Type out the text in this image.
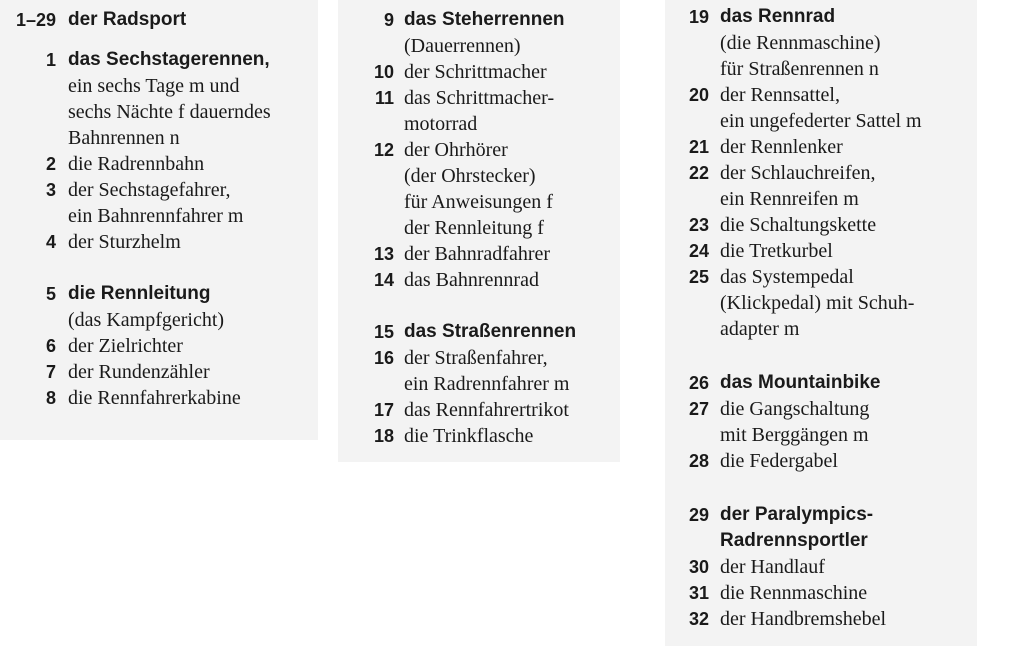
1–29 der Radsport
1 das Sechstagerennen,
ein sechs Tage m und
sechs Nächte f dauerndes
Bahnrennen n
2 die Radrennbahn
3 der Sechstagefahrer,
ein Bahnrennfahrer m
4 der Sturzhelm
5 die Rennleitung
(das Kampfgericht)
6 der Zielrichter
7 der Rundenzähler
8 die Rennfahrerkabine
9 das Steherrennen
(Dauerrennen)
10 der Schrittmacher
11 das Schrittmacher-
motorrad
12 der Ohrhörer
(der Ohrstecker)
für Anweisungen f
der Rennleitung f
13 der Bahnradfahrer
14 das Bahnrennrad
15 das Straßenrennen
16 der Straßenfahrer,
ein Radrennfahrer m
17 das Rennfahrertrikot
18 die Trinkflasche
19 das Rennrad
(die Rennmaschine)
für Straßenrennen n
20 der Rennsattel,
ein ungefederter Sattel m
21 der Rennlenker
22 der Schlauchreifen,
ein Rennreifen m
23 die Schaltungskette
24 die Tretkurbel
25 das Systempedal
(Klickpedal) mit Schuh-
adapter m
26 das Mountainbike
27 die Gangschaltung
mit Berggängen m
28 die Federgabel
29 der Paralympics-
Radrennsportler
30 der Handlauf
31 die Rennmaschine
32 der Handbremshebel
